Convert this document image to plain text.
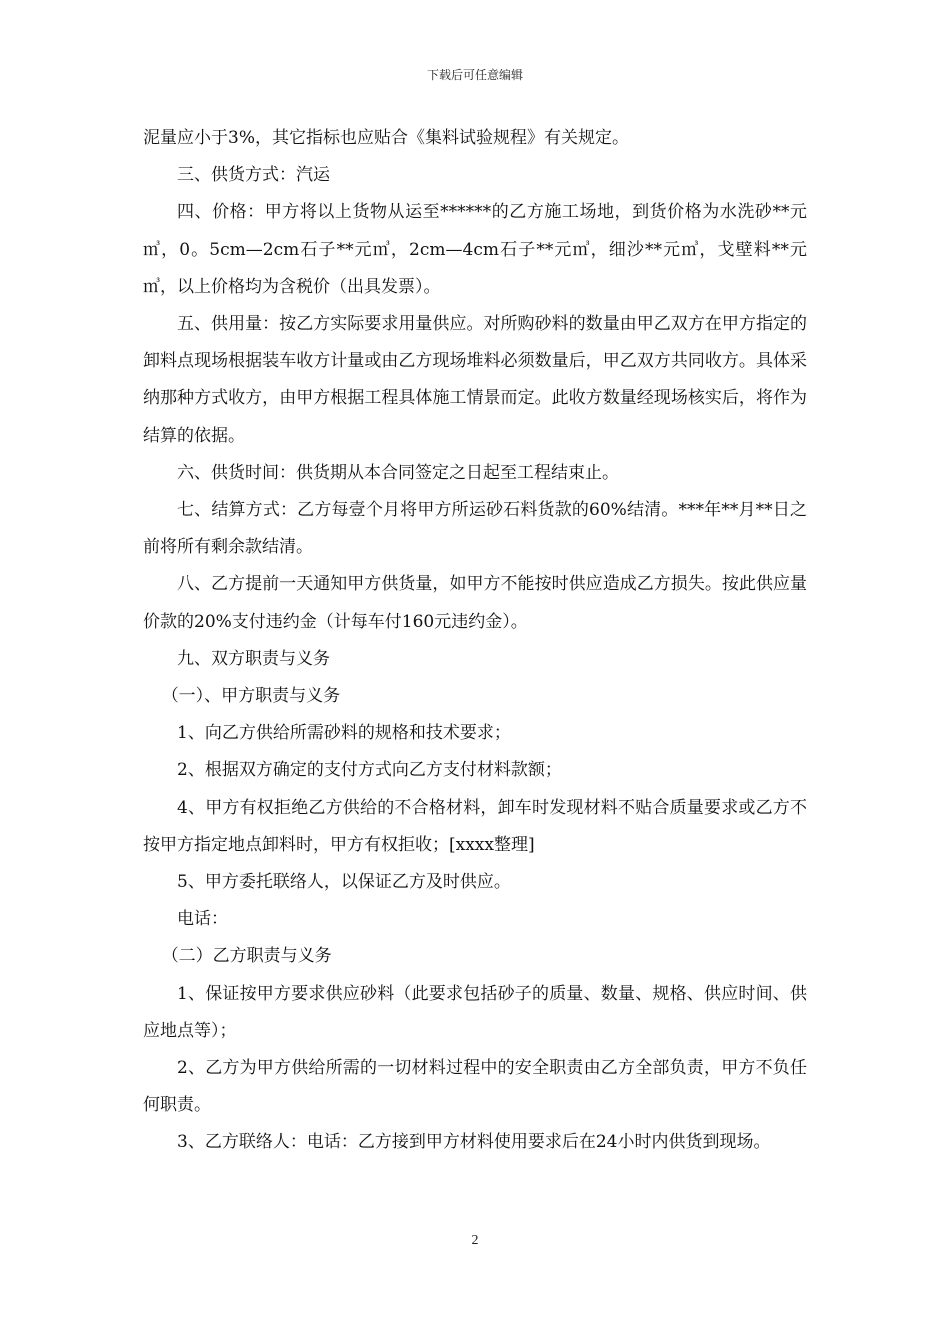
下载后可任意编辑

泥量应小于3%，其它指标也应贴合《集料试验规程》有关规定。

三、供货方式：汽运

四、价格：甲方将以上货物从运至******的乙方施工场地，到货价格为水洗砂**元㎥，0。5cm—2cm石子**元㎥，2cm—4cm石子**元㎥，细沙**元㎥，戈壁料**元㎥，以上价格均为含税价（出具发票）。

五、供用量：按乙方实际要求用量供应。对所购砂料的数量由甲乙双方在甲方指定的卸料点现场根据装车收方计量或由乙方现场堆料必须数量后，甲乙双方共同收方。具体采纳那种方式收方，由甲方根据工程具体施工情景而定。此收方数量经现场核实后，将作为结算的依据。

六、供货时间：供货期从本合同签定之日起至工程结束止。

七、结算方式：乙方每壹个月将甲方所运砂石料货款的60%结清。***年**月**日之前将所有剩余款结清。

八、乙方提前一天通知甲方供货量，如甲方不能按时供应造成乙方损失。按此供应量价款的20%支付违约金（计每车付160元违约金）。

九、双方职责与义务

（一）、甲方职责与义务

1、向乙方供给所需砂料的规格和技术要求；

2、根据双方确定的支付方式向乙方支付材料款额；

4、甲方有权拒绝乙方供给的不合格材料，卸车时发现材料不贴合质量要求或乙方不按甲方指定地点卸料时，甲方有权拒收；[xxxx整理]

5、甲方委托联络人，以保证乙方及时供应。

电话：

（二）乙方职责与义务

1、保证按甲方要求供应砂料（此要求包括砂子的质量、数量、规格、供应时间、供应地点等）；

2、乙方为甲方供给所需的一切材料过程中的安全职责由乙方全部负责，甲方不负任何职责。

3、乙方联络人：电话：乙方接到甲方材料使用要求后在24小时内供货到现场。

2
